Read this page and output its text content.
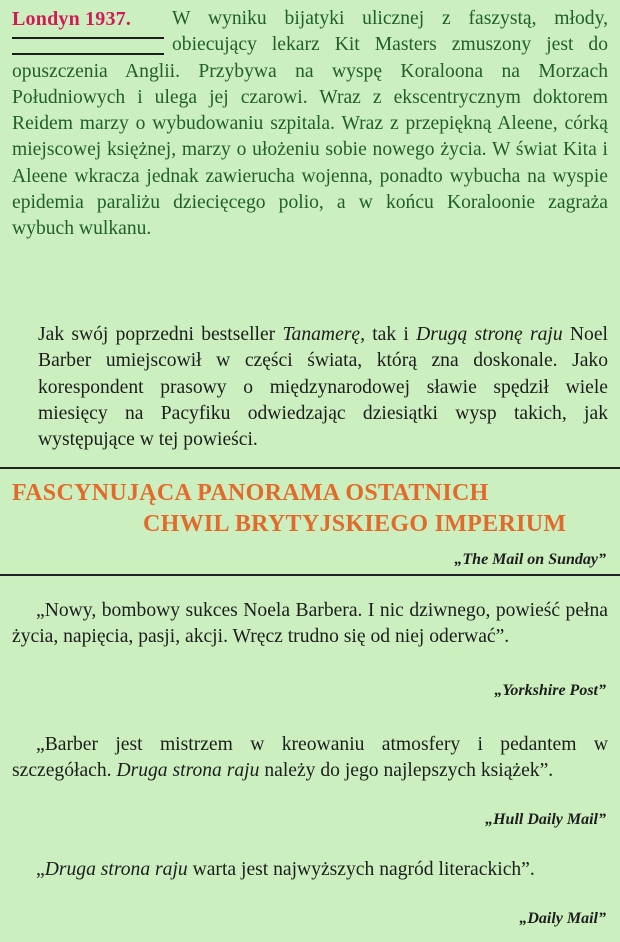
Londyn 1937. W wyniku bijatyki ulicznej z faszystą, młody, obiecujący lekarz Kit Masters zmuszony jest do opuszczenia Anglii. Przybywa na wyspę Koraloona na Morzach Południowych i ulega jej czarowi. Wraz z ekscentrycznym doktorem Reidem marzy o wybudowaniu szpitala. Wraz z przepiękną Aleene, córką miejscowej księżnej, marzy o ułożeniu sobie nowego życia. W świat Kita i Aleene wkracza jednak zawierucha wojenna, ponadto wybucha na wyspie epidemia paraliżu dziecięcego polio, a w końcu Koraloonie zagraża wybuch wulkanu.
Jak swój poprzedni bestseller Tanamerę, tak i Drugą stronę raju Noel Barber umiejscowił w części świata, którą zna doskonale. Jako korespondent prasowy o międzynarodowej sławie spędził wiele miesięcy na Pacyfiku odwiedzając dziesiątki wysp takich, jak występujące w tej powieści.
FASCYNUJĄCA PANORAMA OSTATNICH
CHWIL BRYTYJSKIEGO IMPERIUM
„The Mail on Sunday”
„Nowy, bombowy sukces Noela Barbera. I nic dziwnego, powieść pełna życia, napięcia, pasji, akcji. Wręcz trudno się od niej oderwać”.
„Yorkshire Post”
„Barber jest mistrzem w kreowaniu atmosfery i pedantem w szczegółach. Druga strona raju należy do jego najlepszych książek”.
„Hull Daily Mail”
„Druga strona raju warta jest najwyższych nagród literackich”.
„Daily Mail”
